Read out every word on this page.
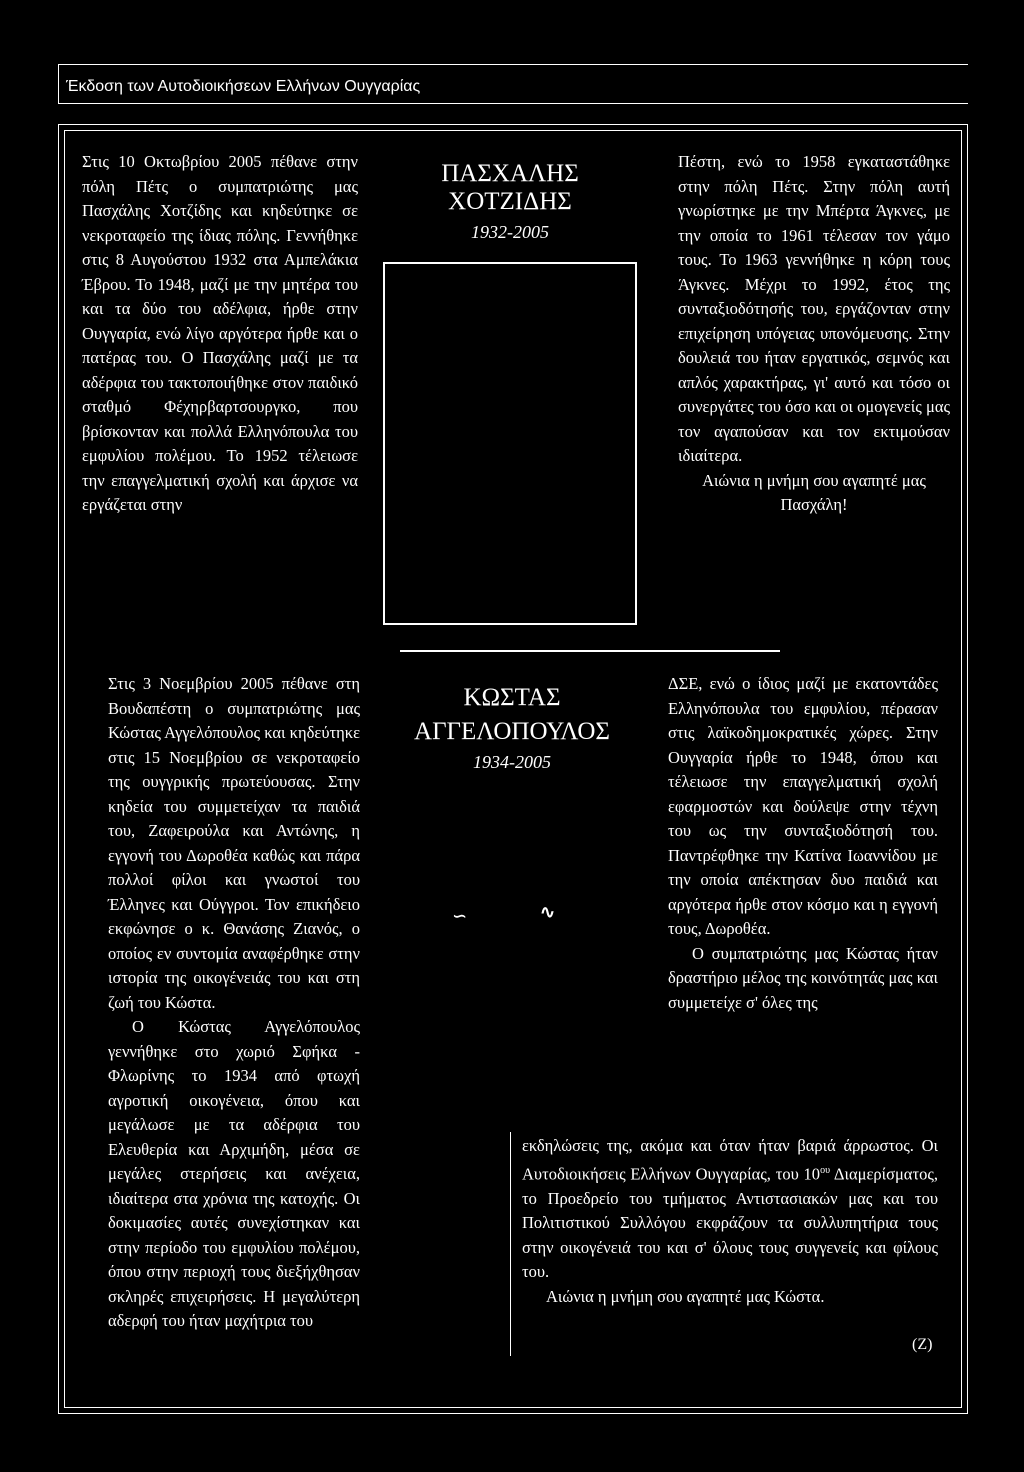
Έκδοση των Αυτοδιοικήσεων Ελλήνων Ουγγαρίας

Στις 10 Οκτωβρίου 2005 πέθανε στην πόλη Πέτς ο συμπατριώτης μας Πασχάλης Χοτζίδης και κηδεύτηκε σε νεκροταφείο της ίδιας πόλης. Γεννήθηκε στις 8 Αυγούστου 1932 στα Αμπελάκια Έβρου. Το 1948, μαζί με την μητέρα του και τα δύο του αδέλφια, ήρθε στην Ουγγαρία, ενώ λίγο αργότερα ήρθε και ο πατέρας του. Ο Πασχάλης μαζί με τα αδέρφια του τακτοποιήθηκε στον παιδικό σταθμό Φέχηρβαρτσουργκο, που βρίσκονταν και πολλά Ελληνόπουλα του εμφυλίου πολέμου. Το 1952 τέλειωσε την επαγγελματική σχολή και άρχισε να εργάζεται στην

ΠΑΣΧΑΛΗΣ
ΧΟΤΖΙΔΗΣ
1932-2005

Πέστη, ενώ το 1958 εγκαταστάθηκε στην πόλη Πέτς. Στην πόλη αυτή γνωρίστηκε με την Μπέρτα Άγκνες, με την οποία το 1961 τέλεσαν τον γάμο τους. Το 1963 γεννήθηκε η κόρη τους Άγκνες. Μέχρι το 1992, έτος της συνταξιοδότησής του, εργάζονταν στην επιχείρηση υπόγειας υπονόμευσης. Στην δουλειά του ήταν εργατικός, σεμνός και απλός χαρακτήρας, γι' αυτό και τόσο οι συνεργάτες του όσο και οι ομογενείς μας τον αγαπούσαν και τον εκτιμούσαν ιδιαίτερα.

Αιώνια η μνήμη σου αγαπητέ μας Πασχάλη!

Στις 3 Νοεμβρίου 2005 πέθανε στη Βουδαπέστη ο συμπατριώτης μας Κώστας Αγγελόπουλος και κηδεύτηκε στις 15 Νοεμβρίου σε νεκροταφείο της ουγγρικής πρωτεύουσας. Στην κηδεία του συμμετείχαν τα παιδιά του, Ζαφειρούλα και Αντώνης, η εγγονή του Δωροθέα καθώς και πάρα πολλοί φίλοι και γνωστοί του Έλληνες και Ούγγροι. Τον επικήδειο εκφώνησε ο κ. Θανάσης Ζιανός, ο οποίος εν συντομία αναφέρθηκε στην ιστορία της οικογένειάς του και στη ζωή του Κώστα.

Ο Κώστας Αγγελόπουλος γεννήθηκε στο χωριό Σφήκα - Φλωρίνης το 1934 από φτωχή αγροτική οικογένεια, όπου και μεγάλωσε με τα αδέρφια του Ελευθερία και Αρχιμήδη, μέσα σε μεγάλες στερήσεις και ανέχεια, ιδιαίτερα στα χρόνια της κατοχής. Οι δοκιμασίες αυτές συνεχίστηκαν και στην περίοδο του εμφυλίου πολέμου, όπου στην περιοχή τους διεξήχθησαν σκληρές επιχειρήσεις. Η μεγαλύτερη αδερφή του ήταν μαχήτρια του

ΚΩΣΤΑΣ
ΑΓΓΕΛΟΠΟΥΛΟΣ
1934-2005
∽	∿

ΔΣΕ, ενώ ο ίδιος μαζί με εκατοντάδες Ελληνόπουλα του εμφυλίου, πέρασαν στις λαϊκοδημοκρατικές χώρες. Στην Ουγγαρία ήρθε το 1948, όπου και τέλειωσε την επαγγελματική σχολή εφαρμοστών και δούλεψε στην τέχνη του ως την συνταξιοδότησή του. Παντρέφθηκε την Κατίνα Ιωαννίδου με την οποία απέκτησαν δυο παιδιά και αργότερα ήρθε στον κόσμο και η εγγονή τους, Δωροθέα.

Ο συμπατριώτης μας Κώστας ήταν δραστήριο μέλος της κοινότητάς μας και συμμετείχε σ' όλες της

εκδηλώσεις της, ακόμα και όταν ήταν βαριά άρρωστος. Οι Αυτοδιοικήσεις Ελλήνων Ουγγαρίας, του $10^{o\upsilon}$ Διαμερίσματος, το Προεδρείο του τμήματος Αντιστασιακών μας και του Πολιτιστικού Συλλόγου εκφράζουν τα συλλυπητήρια τους στην οικογένειά του και σ' όλους τους συγγενείς και φίλους του.

Αιώνια η μνήμη σου αγαπητέ μας Κώστα.

(Ζ)
